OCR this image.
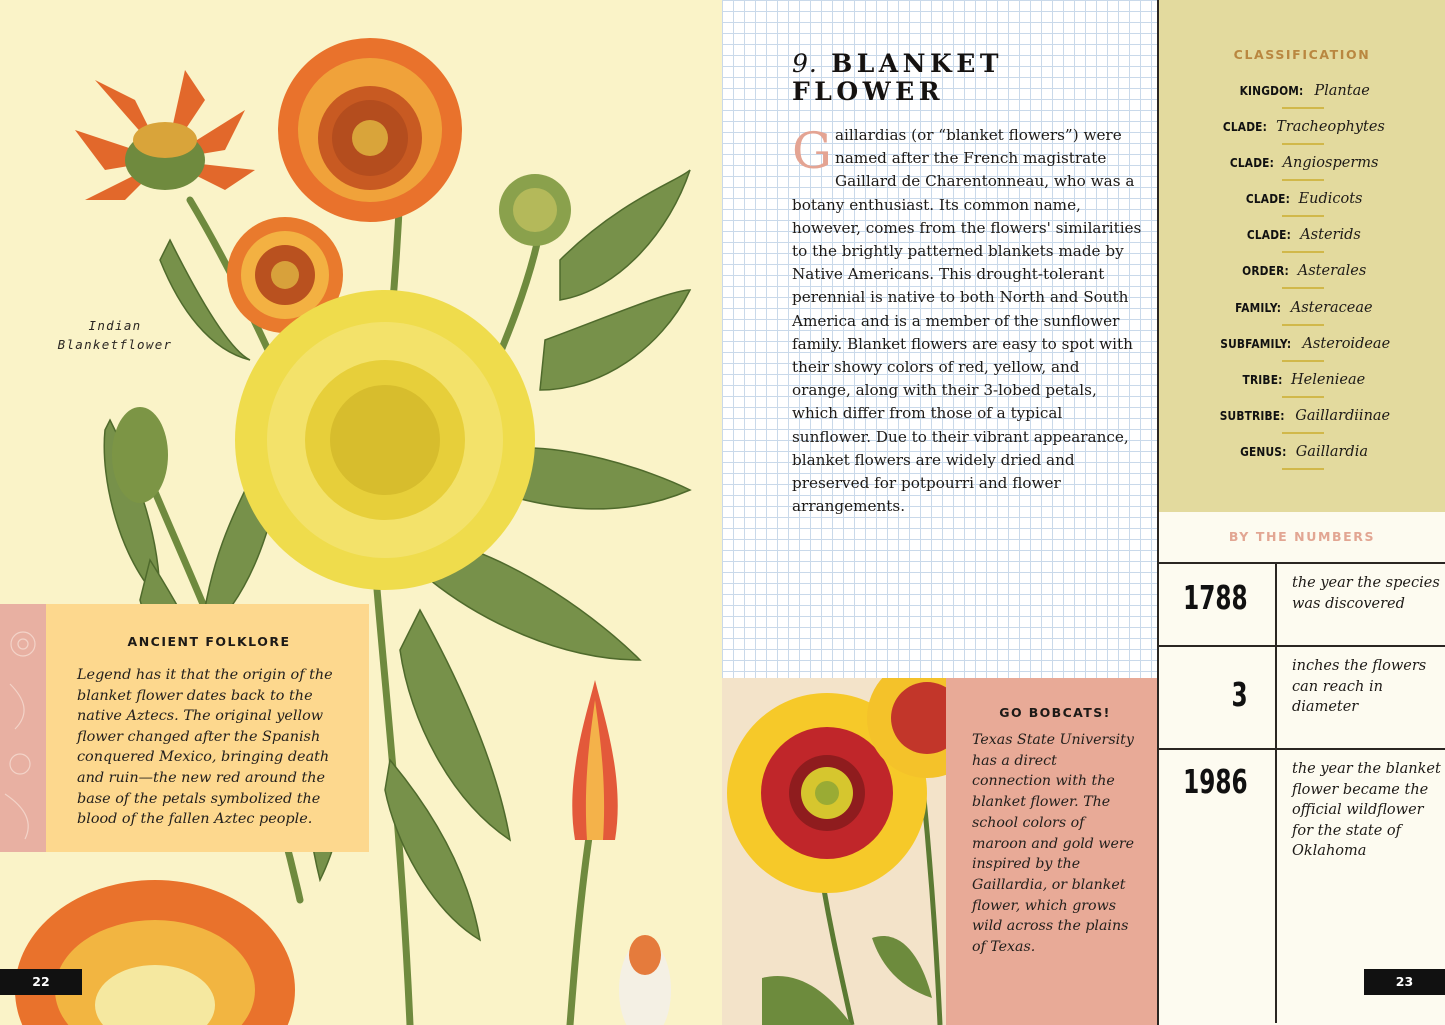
Indian
Blanketflower
ANCIENT FOLKLORE
Legend has it that the origin of the blanket flower dates back to the native Aztecs. The original yellow flower changed after the Spanish conquered Mexico, bringing death and ruin—the new red around the base of the petals symbolized the blood of the fallen Aztec people.
22
9. BLANKET
FLOWER
Gaillardias (or “blanket flowers”) were named after the French magistrate Gaillard de Charentonneau, who was a botany enthusiast. Its common name, however, comes from the flowers' similarities to the brightly patterned blankets made by Native Americans. This drought-tolerant perennial is native to both North and South America and is a member of the sunflower family. Blanket flowers are easy to spot with their showy colors of red, yellow, and orange, along with their 3-lobed petals, which differ from those of a typical sunflower. Due to their vibrant appearance, blanket flowers are widely dried and preserved for potpourri and flower arrangements.
GO BOBCATS!
Texas State University has a direct connection with the blanket flower. The school colors of maroon and gold were inspired by the Gaillardia, or blanket flower, which grows wild across the plains of Texas.
CLASSIFICATION
KINGDOM: Plantae
CLADE: Tracheophytes
CLADE: Angiosperms
CLADE: Eudicots
CLADE: Asterids
ORDER: Asterales
FAMILY: Asteraceae
SUBFAMILY: Asteroideae
TRIBE: Helenieae
SUBTRIBE: Gaillardiinae
GENUS: Gaillardia
BY THE NUMBERS
1788	the year the species was discovered
3
inches the flowers can reach in diameter
1986	the year the blanket flower became the official wildflower for the state of Oklahoma
23
